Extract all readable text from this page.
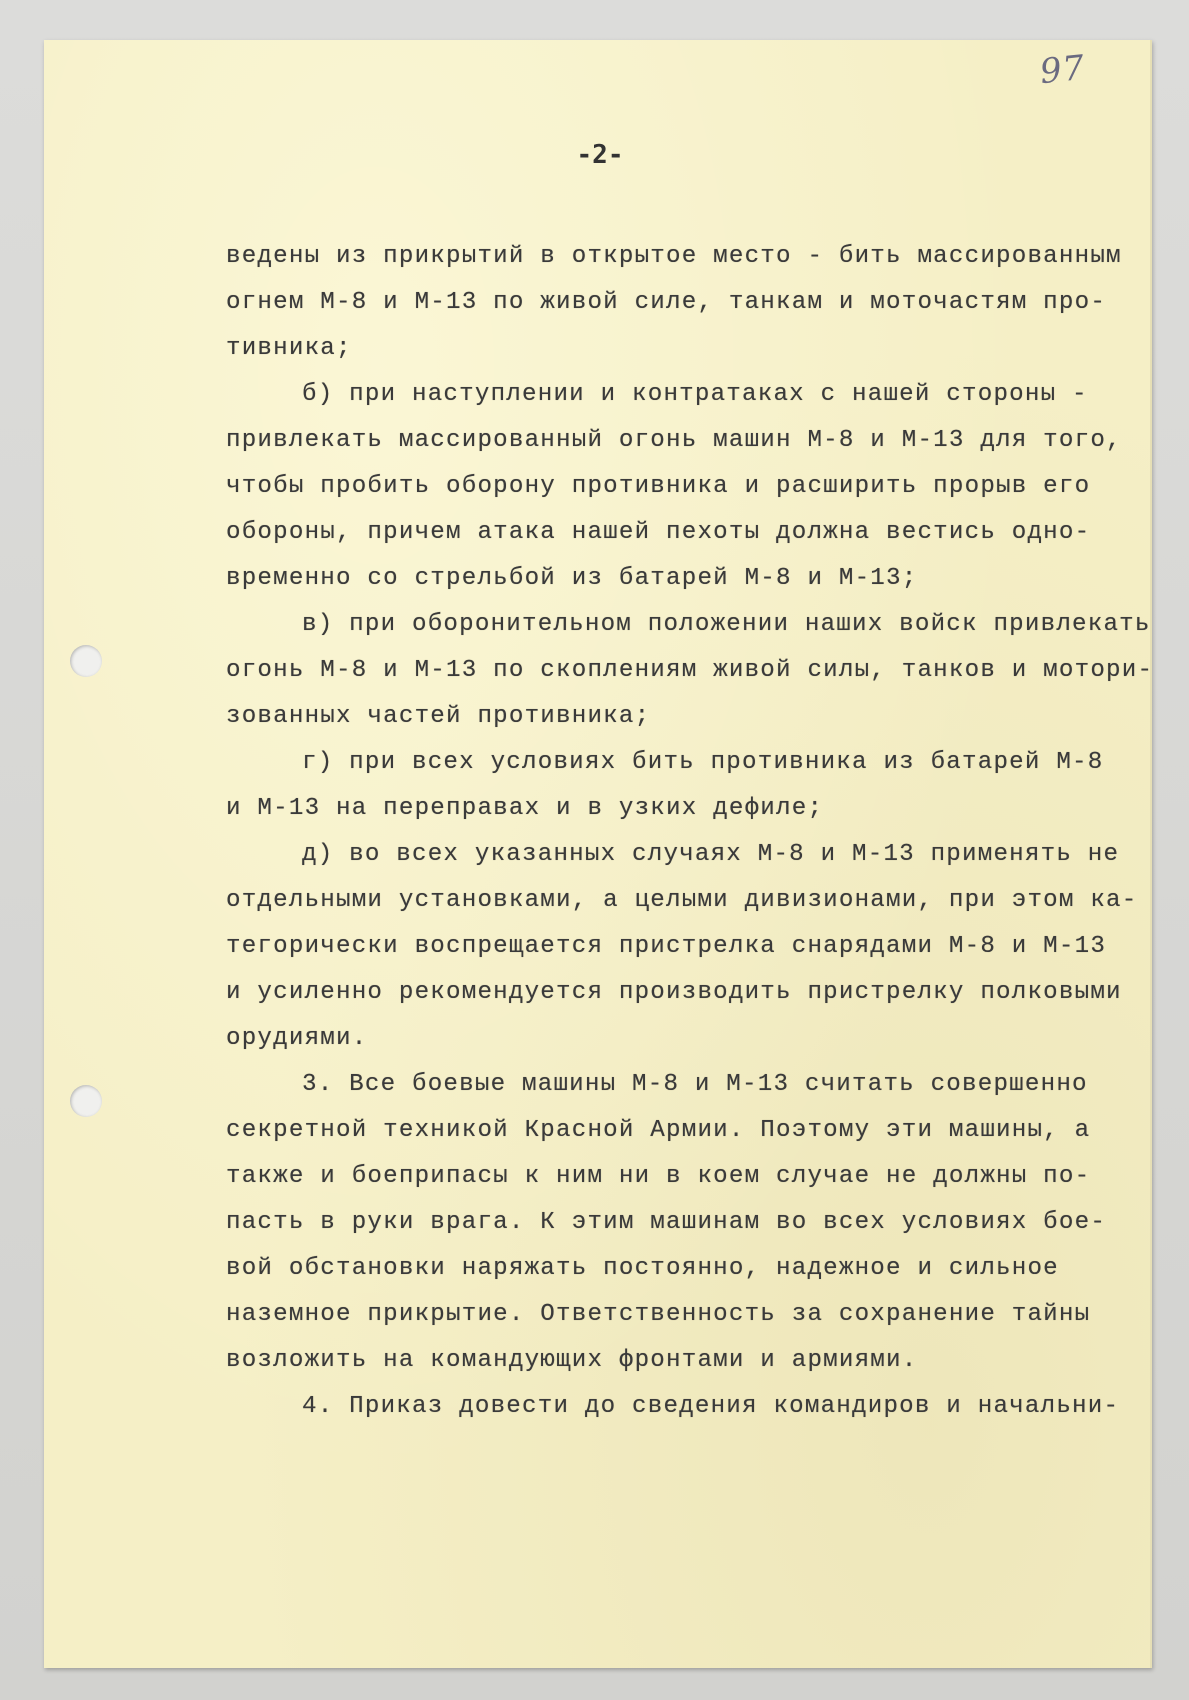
97
-2-
ведены из прикрытий в открытое место - бить массированным
огнем М-8 и М-13 по живой силе, танкам и моточастям про-
тивника;
б) при наступлении и контратаках с нашей стороны -
привлекать массированный огонь машин М-8 и М-13 для того,
чтобы пробить оборону противника и расширить прорыв его
обороны, причем атака нашей пехоты должна вестись одно-
временно со стрельбой из батарей М-8 и М-13;
в) при оборонительном положении наших войск привлекать
огонь М-8 и М-13 по скоплениям живой силы, танков и мотори-
зованных частей противника;
г) при всех условиях бить противника из батарей М-8
и М-13 на переправах и в узких дефиле;
д) во всех указанных случаях М-8 и М-13 применять не
отдельными установками, а целыми дивизионами, при этом ка-
тегорически воспрещается пристрелка снарядами М-8 и М-13
и усиленно рекомендуется производить пристрелку полковыми
орудиями.
3. Все боевые машины М-8 и М-13 считать совершенно
секретной техникой Красной Армии. Поэтому эти машины, а
также и боеприпасы к ним ни в коем случае не должны по-
пасть в руки врага. К этим машинам во всех условиях бое-
вой обстановки наряжать постоянно, надежное и сильное
наземное прикрытие. Ответственность за сохранение тайны
возложить на командующих фронтами и армиями.
4. Приказ довести до сведения командиров и начальни-
